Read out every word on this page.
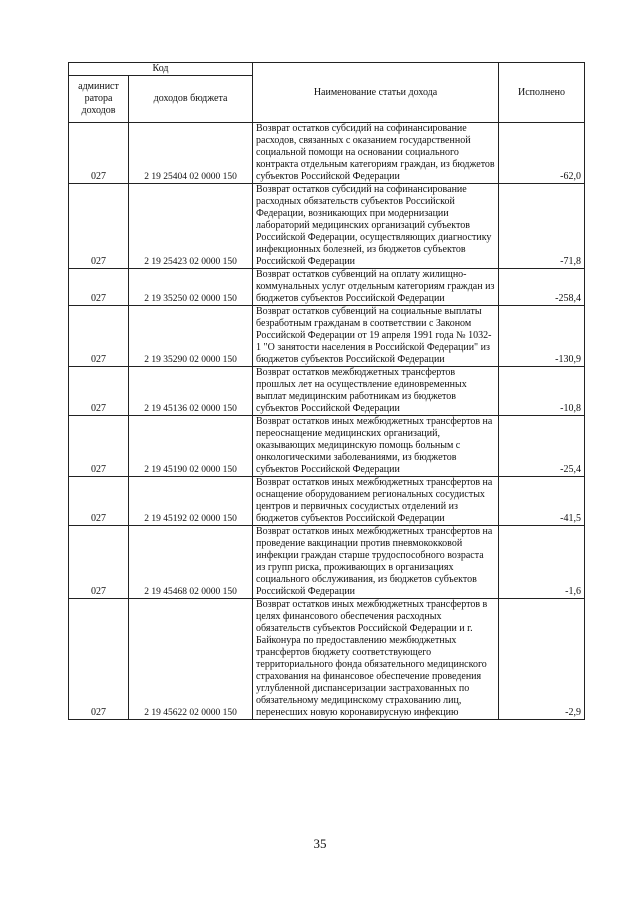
Код		Наименование статьи дохода	Исполнено
админист ратора доходов	доходов бюджета		
027	2 19 25404 02 0000 150	Возврат остатков субсидий на софинансирование расходов, связанных с оказанием государственной социальной помощи на основании социального контракта отдельным категориям граждан, из бюджетов субъектов Российской Федерации	-62,0
027	2 19 25423 02 0000 150	Возврат остатков субсидий на софинансирование расходных обязательств субъектов Российской Федерации, возникающих при модернизации лабораторий медицинских организаций субъектов Российской Федерации, осуществляющих диагностику инфекционных болезней, из бюджетов субъектов Российской Федерации	-71,8
027	2 19 35250 02 0000 150	Возврат остатков субвенций на оплату жилищно-коммунальных услуг отдельным категориям граждан из бюджетов субъектов Российской Федерации	-258,4
027	2 19 35290 02 0000 150	Возврат остатков субвенций на социальные выплаты безработным гражданам в соответствии с Законом Российской Федерации от 19 апреля 1991 года № 1032-1 "О занятости населения в Российской Федерации" из бюджетов субъектов Российской Федерации	-130,9
027	2 19 45136 02 0000 150	Возврат остатков межбюджетных трансфертов прошлых лет на осуществление единовременных выплат медицинским работникам из бюджетов субъектов Российской Федерации	-10,8
027	2 19 45190 02 0000 150	Возврат остатков иных межбюджетных трансфертов на переоснащение медицинских организаций, оказывающих медицинскую помощь больным с онкологическими заболеваниями, из бюджетов субъектов Российской Федерации	-25,4
027	2 19 45192 02 0000 150	Возврат остатков иных межбюджетных трансфертов на оснащение оборудованием региональных сосудистых центров и первичных сосудистых отделений из бюджетов субъектов Российской Федерации	-41,5
027	2 19 45468 02 0000 150	Возврат остатков иных межбюджетных трансфертов на проведение вакцинации против пневмококковой инфекции граждан старше трудоспособного возраста из групп риска, проживающих в организациях социального обслуживания, из бюджетов субъектов Российской Федерации	-1,6
027	2 19 45622 02 0000 150	Возврат остатков иных межбюджетных трансфертов в целях финансового обеспечения расходных обязательств субъектов Российской Федерации и г. Байконура по предоставлению межбюджетных трансфертов бюджету соответствующего территориального фонда обязательного медицинского страхования на финансовое обеспечение проведения углубленной диспансеризации застрахованных по обязательному медицинскому страхованию лиц, перенесших новую коронавирусную инфекцию	-2,9
35
